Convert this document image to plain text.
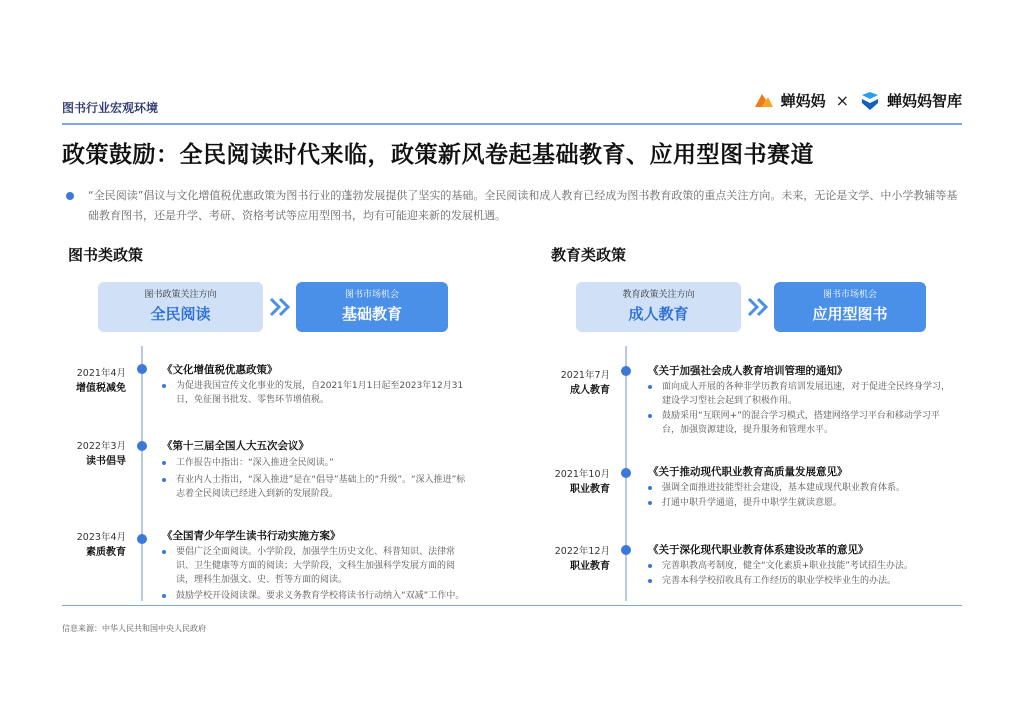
图书行业宏观环境	蝉妈妈 ×	蝉妈妈智库
政策鼓励：全民阅读时代来临，政策新风卷起基础教育、应用型图书赛道
“全民阅读”倡议与文化增值税优惠政策为图书行业的蓬勃发展提供了坚实的基础。全民阅读和成人教育已经成为图书教育政策的重点关注方向。未来，无论是文学、中小学教辅等基础教育图书，还是升学、考研、资格考试等应用型图书，均有可能迎来新的发展机遇。
图书类政策
图书政策关注方向
全民阅读
图书市场机会
基础教育
2021年4月
增值税减免
《文化增值税优惠政策》
为促进我国宣传文化事业的发展，自2021年1月1日起至2023年12月31日，免征图书批发、零售环节增值税。
2022年3月
读书倡导
《第十三届全国人大五次会议》
工作报告中指出：“深入推进全民阅读。”
有业内人士指出，“深入推进”是在“倡导”基础上的“升级”。“深入推进”标志着全民阅读已经进入到新的发展阶段。
2023年4月
素质教育
《全国青少年学生读书行动实施方案》
要倡广泛全面阅读。小学阶段，加强学生历史文化、科普知识、法律常识、卫生健康等方面的阅读；大学阶段，文科生加强科学发展方面的阅读，理科生加强文、史、哲等方面的阅读。
鼓励学校开设阅读课。要求义务教育学校将读书行动纳入“双减”工作中。
教育类政策
教育政策关注方向
成人教育
图书市场机会
应用型图书
2021年7月
成人教育
《关于加强社会成人教育培训管理的通知》
面向成人开展的各种非学历教育培训发展迅速，对于促进全民终身学习，建设学习型社会起到了积极作用。
鼓励采用“互联网+”的混合学习模式，搭建网络学习平台和移动学习平台，加强资源建设，提升服务和管理水平。
2021年10月
职业教育
《关于推动现代职业教育高质量发展意见》
强调全面推进技能型社会建设，基本建成现代职业教育体系。
打通中职升学通道，提升中职学生就读意愿。
2022年12月
职业教育
《关于深化现代职业教育体系建设改革的意见》
完善职教高考制度，健全“文化素质+职业技能”考试招生办法。
完善本科学校招收具有工作经历的职业学校毕业生的办法。
信息来源：中华人民共和国中央人民政府
